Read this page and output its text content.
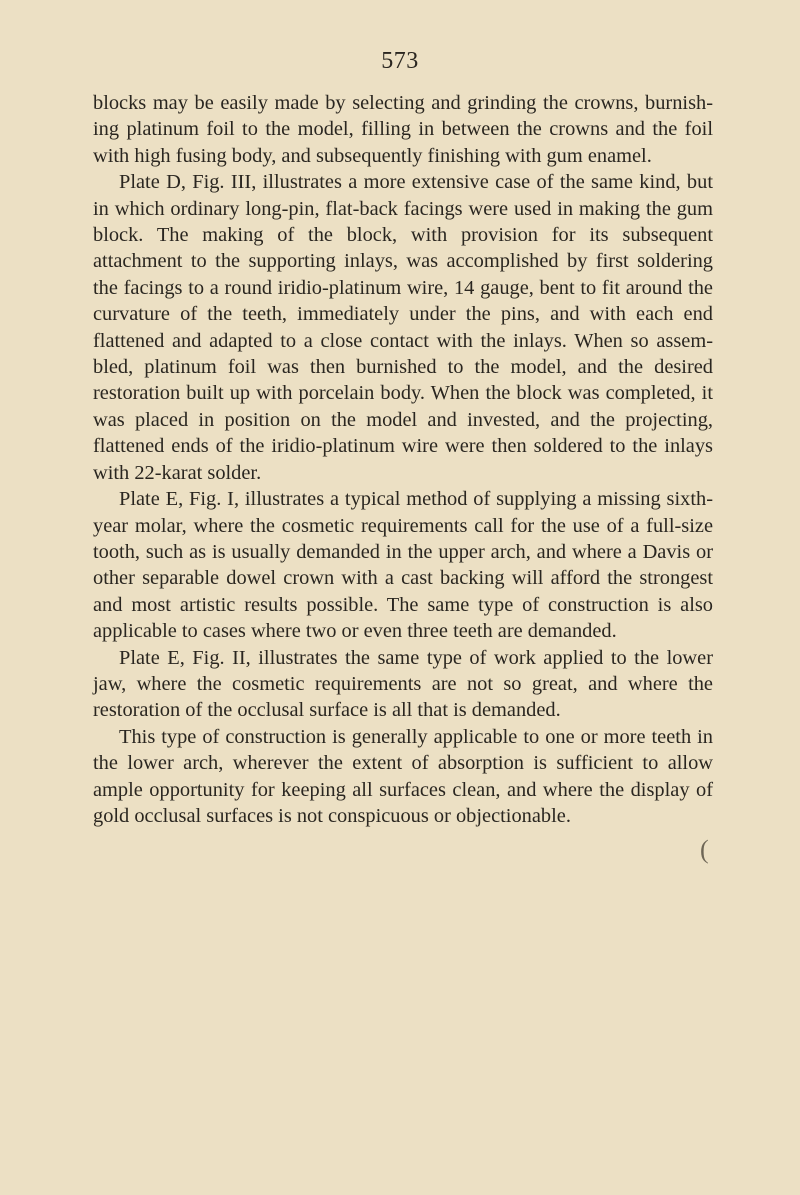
573

blocks may be easily made by selecting and grinding the crowns, burnishing platinum foil to the model, filling in between the crowns and the foil with high fusing body, and subsequently finishing with gum enamel.

Plate D, Fig. III, illustrates a more extensive case of the same kind, but in which ordinary long-pin, flat-back facings were used in making the gum block. The making of the block, with provision for its subsequent attachment to the supporting inlays, was accomplished by first soldering the facings to a round iridio-platinum wire, 14 gauge, bent to fit around the curvature of the teeth, immediately under the pins, and with each end flattened and adapted to a close contact with the inlays. When so assembled, platinum foil was then burnished to the model, and the desired restoration built up with porcelain body. When the block was completed, it was placed in position on the model and invested, and the projecting, flattened ends of the iridio-platinum wire were then soldered to the inlays with 22-karat solder.

Plate E, Fig. I, illustrates a typical method of supplying a missing sixth-year molar, where the cosmetic requirements call for the use of a full-size tooth, such as is usually demanded in the upper arch, and where a Davis or other separable dowel crown with a cast backing will afford the strongest and most artistic results possible. The same type of construction is also applicable to cases where two or even three teeth are demanded.

Plate E, Fig. II, illustrates the same type of work applied to the lower jaw, where the cosmetic requirements are not so great, and where the restoration of the occlusal surface is all that is demanded.

This type of construction is generally applicable to one or more teeth in the lower arch, wherever the extent of absorption is sufficient to allow ample opportunity for keeping all surfaces clean, and where the display of gold occlusal surfaces is not conspicuous or objectionable.

(
